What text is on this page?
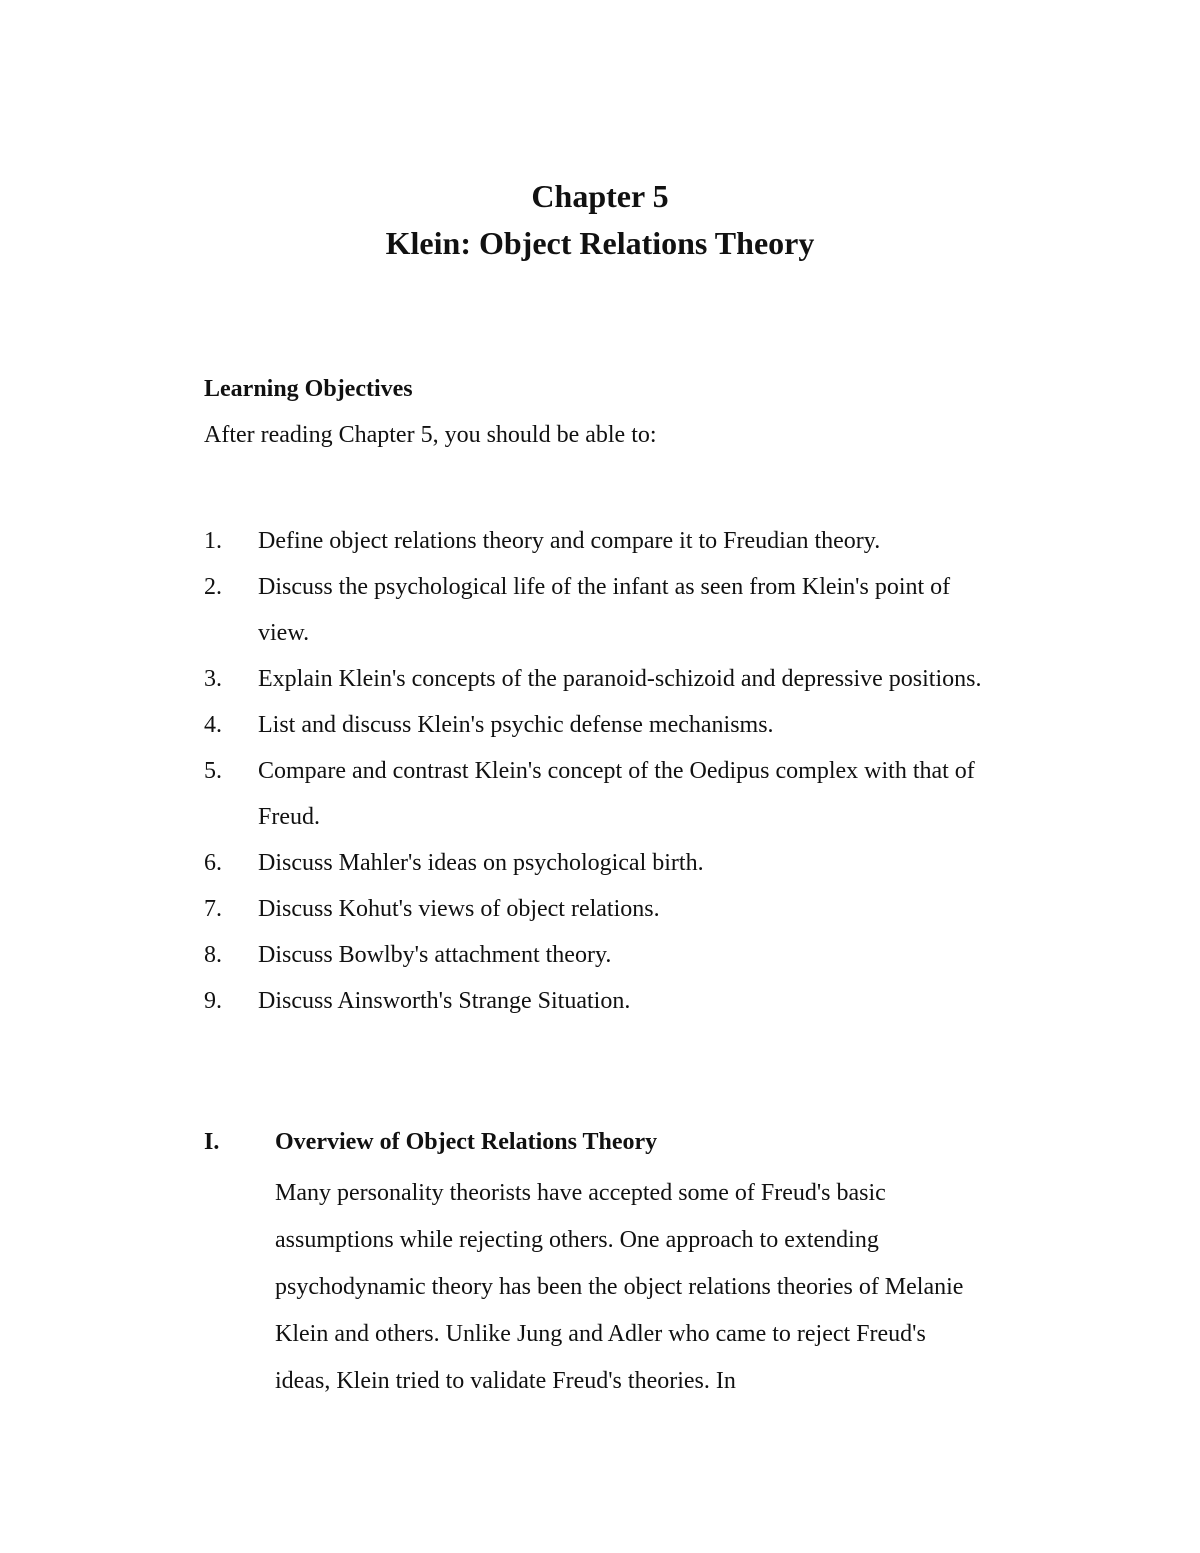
Chapter 5
Klein: Object Relations Theory
Learning Objectives
After reading Chapter 5, you should be able to:
1.	Define object relations theory and compare it to Freudian theory.
2.	Discuss the psychological life of the infant as seen from Klein's point of view.
3.	Explain Klein's concepts of the paranoid-schizoid and depressive positions.
4.	List and discuss Klein's psychic defense mechanisms.
5.	Compare and contrast Klein's concept of the Oedipus complex with that of Freud.
6.	Discuss Mahler's ideas on psychological birth.
7.	Discuss Kohut's views of object relations.
8.	Discuss Bowlby's attachment theory.
9.	Discuss Ainsworth's Strange Situation.
I. Overview of Object Relations Theory
Many personality theorists have accepted some of Freud's basic assumptions while rejecting others. One approach to extending psychodynamic theory has been the object relations theories of Melanie Klein and others. Unlike Jung and Adler who came to reject Freud's ideas, Klein tried to validate Freud's theories. In
